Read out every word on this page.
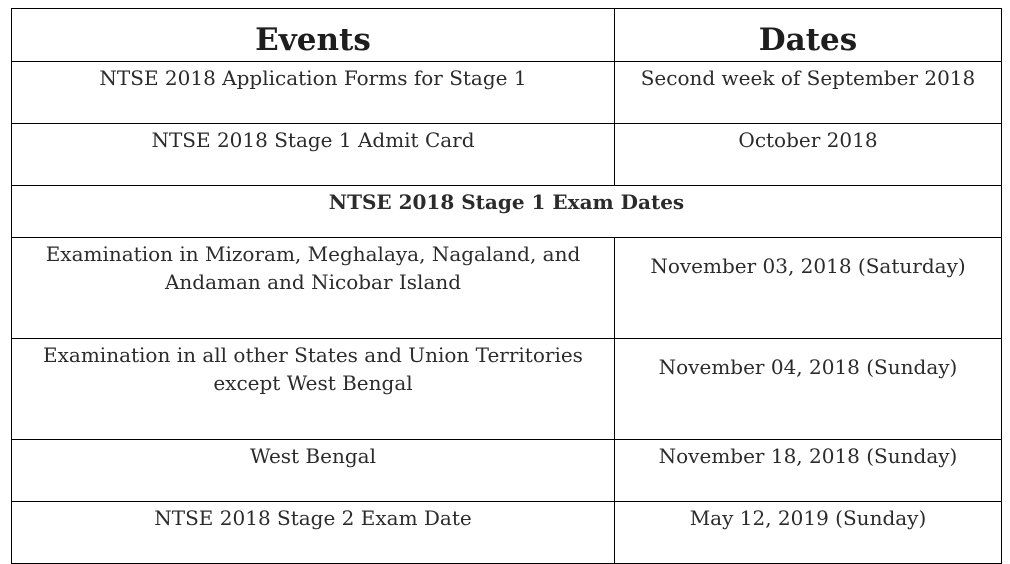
Events	Dates
NTSE 2018 Application Forms for Stage 1	Second week of September 2018
NTSE 2018 Stage 1 Admit Card	October 2018
NTSE 2018 Stage 1 Exam Dates	

Examination in Mizoram, Meghalaya, Nagaland, and
Andaman and Nicobar Island	November 03, 2018 (Saturday)

Examination in all other States and Union Territories
except West Bengal	November 04, 2018 (Sunday)
West Bengal	November 18, 2018 (Sunday)
NTSE 2018 Stage 2 Exam Date	May 12, 2019 (Sunday)
